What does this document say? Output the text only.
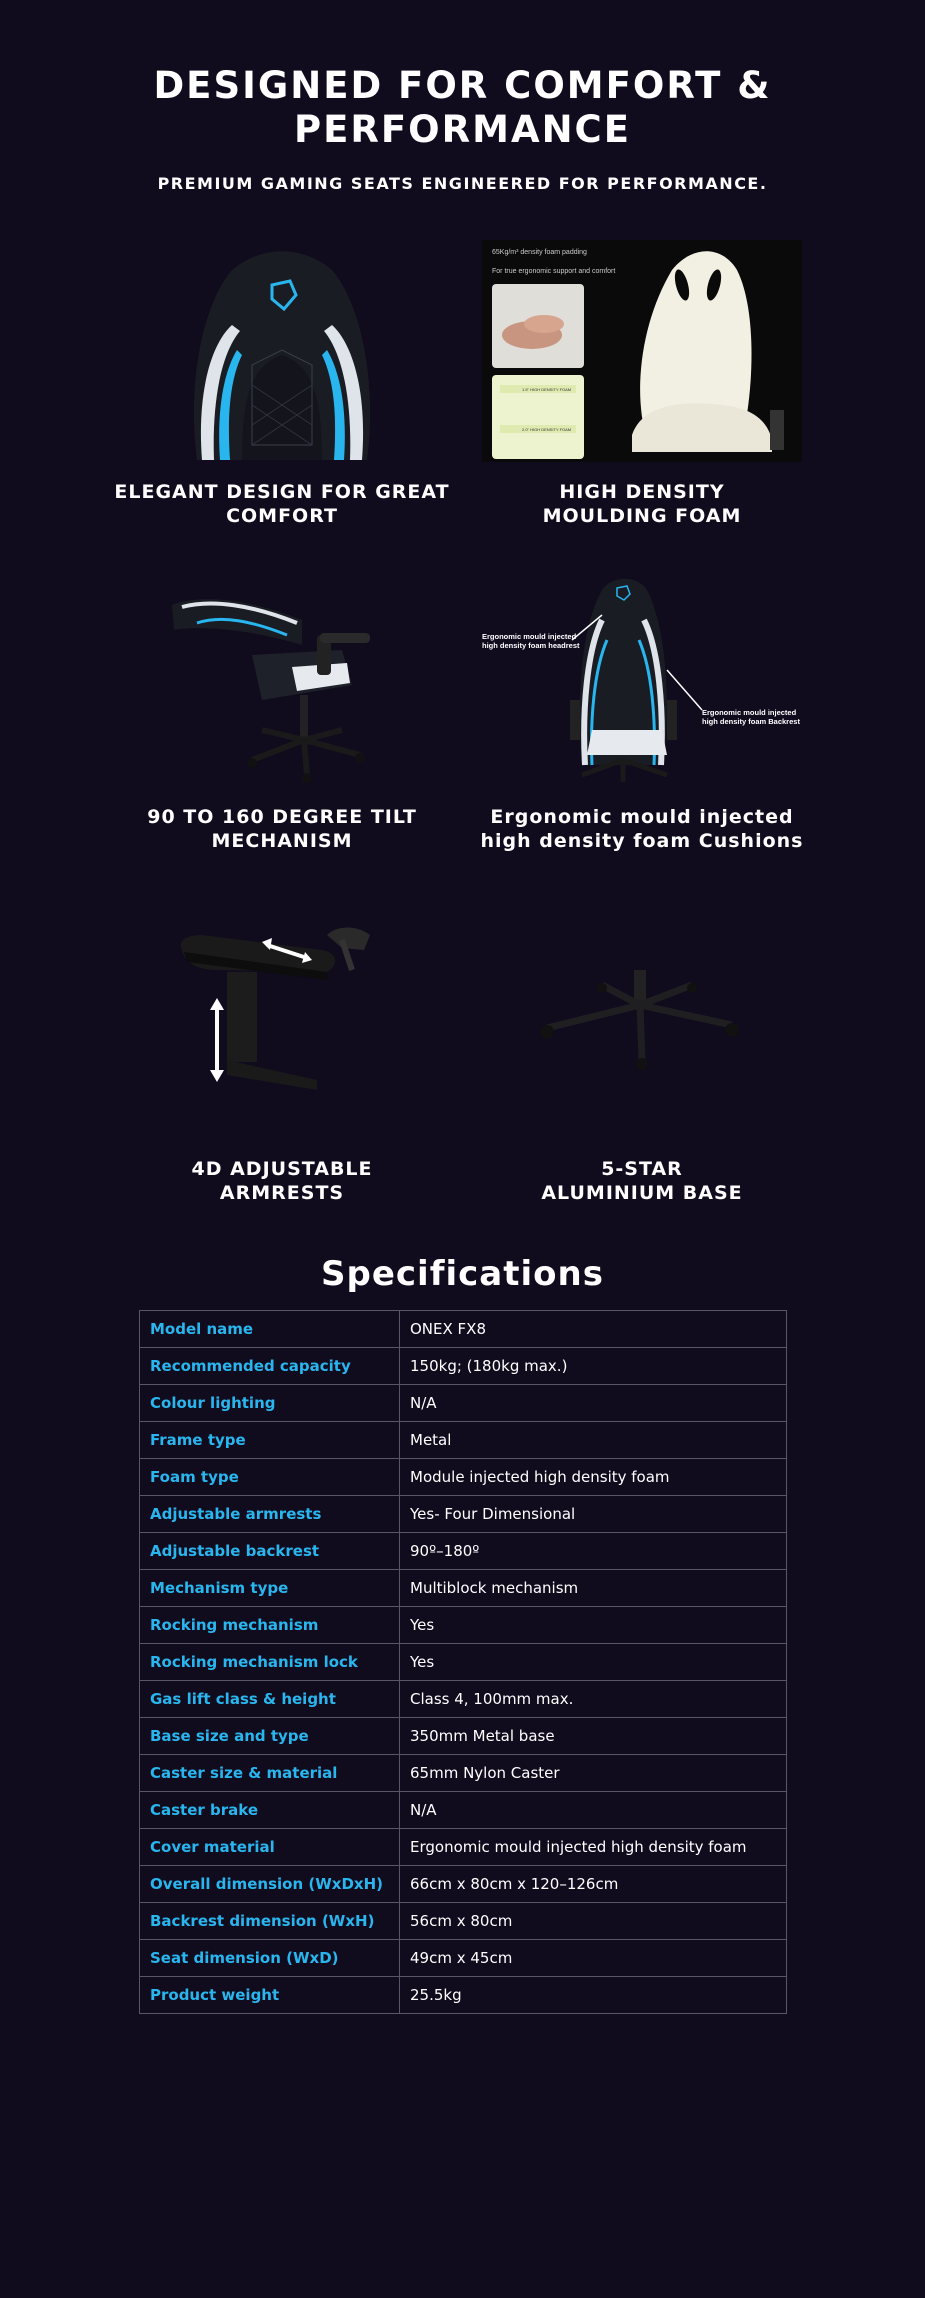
DESIGNED FOR COMFORT & PERFORMANCE
PREMIUM GAMING SEATS ENGINEERED FOR PERFORMANCE.
ELEGANT DESIGN FOR GREAT COMFORT
65Kg/m³ density foam padding
For true ergonomic support and comfort
1.5" HIGH DENSITY FOAM
2.0" HIGH DENSITY FOAM
HIGH DENSITY MOULDING FOAM
90 TO 160 DEGREE TILT MECHANISM
Ergonomic mould injected high density foam headrest
Ergonomic mould injected high density foam Backrest
Ergonomic mould injected high density foam Cushions
4D ADJUSTABLE ARMRESTS
5-STAR ALUMINIUM BASE
Specifications
Model name	ONEX FX8
Recommended capacity	150kg; (180kg max.)
Colour lighting	N/A
Frame type	Metal
Foam type	Module injected high density foam
Adjustable armrests	Yes- Four Dimensional
Adjustable backrest	90º–180º
Mechanism type	Multiblock mechanism
Rocking mechanism	Yes
Rocking mechanism lock	Yes
Gas lift class & height	Class 4, 100mm max.
Base size and type	350mm Metal base
Caster size & material	65mm Nylon Caster
Caster brake	N/A
Cover material	Ergonomic mould injected high density foam
Overall dimension (WxDxH)	66cm x 80cm x 120–126cm
Backrest dimension (WxH)	56cm x 80cm
Seat dimension (WxD)	49cm x 45cm
Product weight	25.5kg
